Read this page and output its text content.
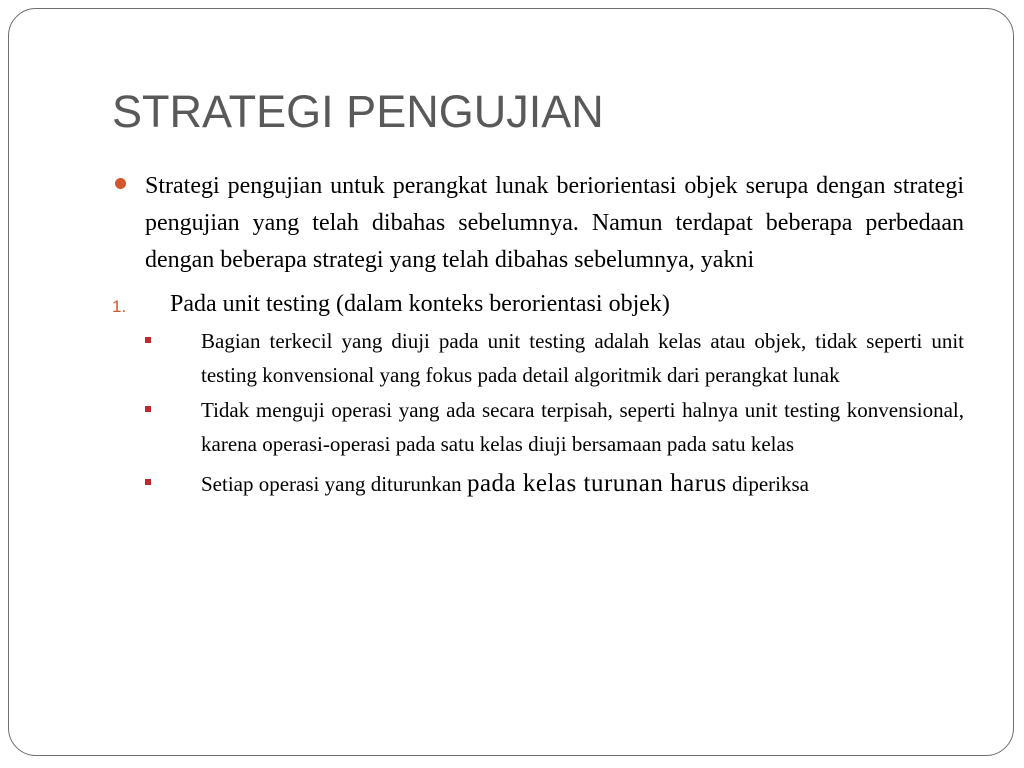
STRATEGI PENGUJIAN
Strategi pengujian untuk perangkat lunak beriorientasi objek serupa dengan strategi pengujian yang telah dibahas sebelumnya. Namun terdapat beberapa perbedaan dengan beberapa strategi yang telah dibahas sebelumnya, yakni
1. Pada unit testing (dalam konteks berorientasi objek)
Bagian terkecil yang diuji pada unit testing adalah kelas atau objek, tidak seperti unit testing konvensional yang fokus pada detail algoritmik dari perangkat lunak
Tidak menguji operasi yang ada secara terpisah, seperti halnya unit testing konvensional, karena operasi-operasi pada satu kelas diuji bersamaan pada satu kelas
Setiap operasi yang diturunkan pada kelas turunan harus diperiksa
